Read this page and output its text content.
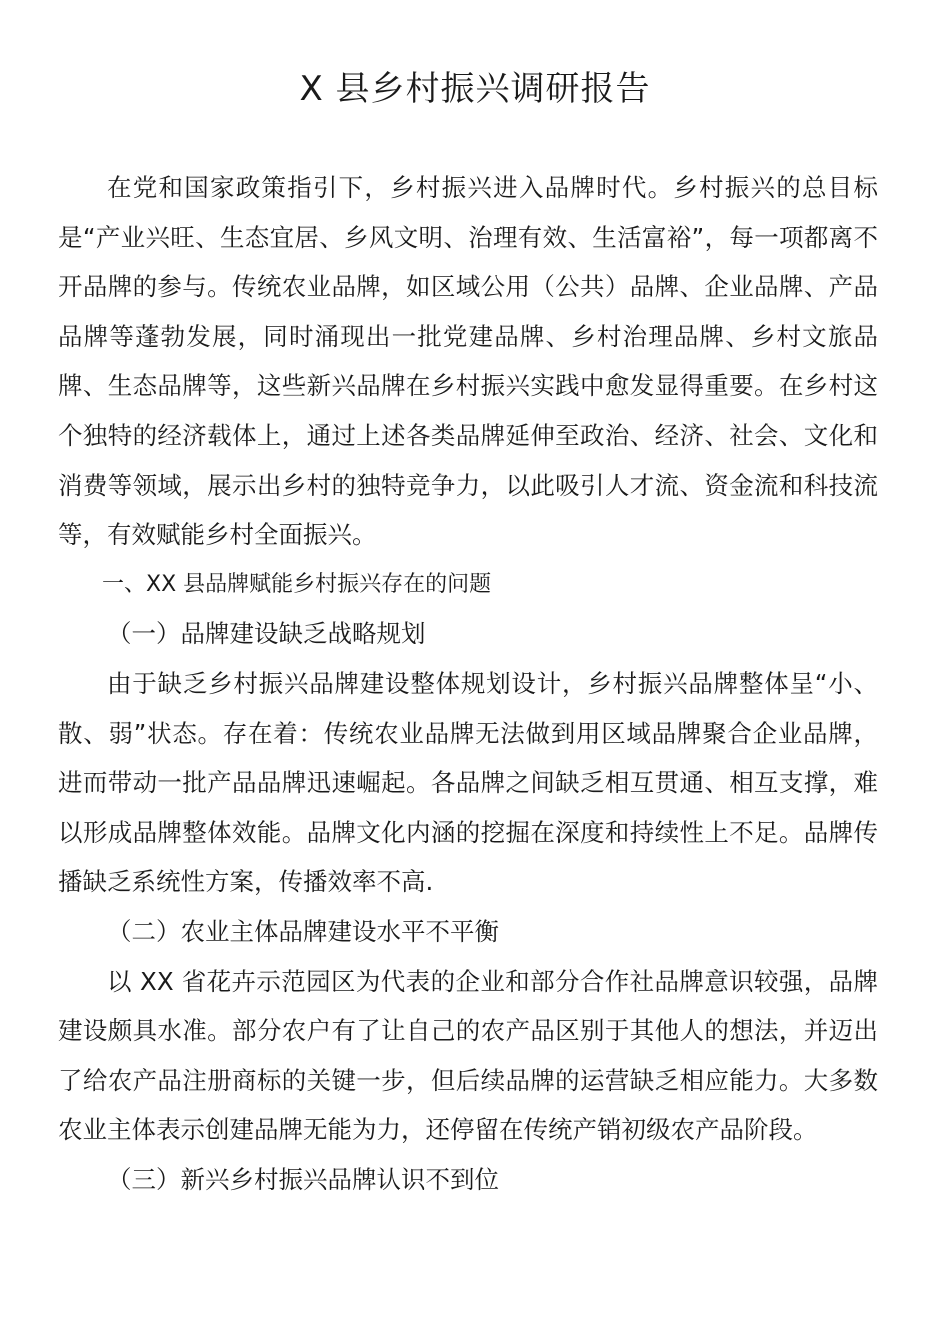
X 县乡村振兴调研报告

在党和国家政策指引下，乡村振兴进入品牌时代。乡村振兴的总目标是“产业兴旺、生态宜居、乡风文明、治理有效、生活富裕”，每一项都离不开品牌的参与。传统农业品牌，如区域公用（公共）品牌、企业品牌、产品品牌等蓬勃发展，同时涌现出一批党建品牌、乡村治理品牌、乡村文旅品牌、生态品牌等，这些新兴品牌在乡村振兴实践中愈发显得重要。在乡村这个独特的经济载体上，通过上述各类品牌延伸至政治、经济、社会、文化和消费等领域，展示出乡村的独特竞争力，以此吸引人才流、资金流和科技流等，有效赋能乡村全面振兴。

一、XX 县品牌赋能乡村振兴存在的问题

（一）品牌建设缺乏战略规划

由于缺乏乡村振兴品牌建设整体规划设计，乡村振兴品牌整体呈“小、散、弱”状态。存在着：传统农业品牌无法做到用区域品牌聚合企业品牌，进而带动一批产品品牌迅速崛起。各品牌之间缺乏相互贯通、相互支撑，难以形成品牌整体效能。品牌文化内涵的挖掘在深度和持续性上不足。品牌传播缺乏系统性方案，传播效率不高.

（二）农业主体品牌建设水平不平衡

以 XX 省花卉示范园区为代表的企业和部分合作社品牌意识较强，品牌建设颇具水准。部分农户有了让自己的农产品区别于其他人的想法，并迈出了给农产品注册商标的关键一步，但后续品牌的运营缺乏相应能力。大多数农业主体表示创建品牌无能为力，还停留在传统产销初级农产品阶段。

（三）新兴乡村振兴品牌认识不到位
